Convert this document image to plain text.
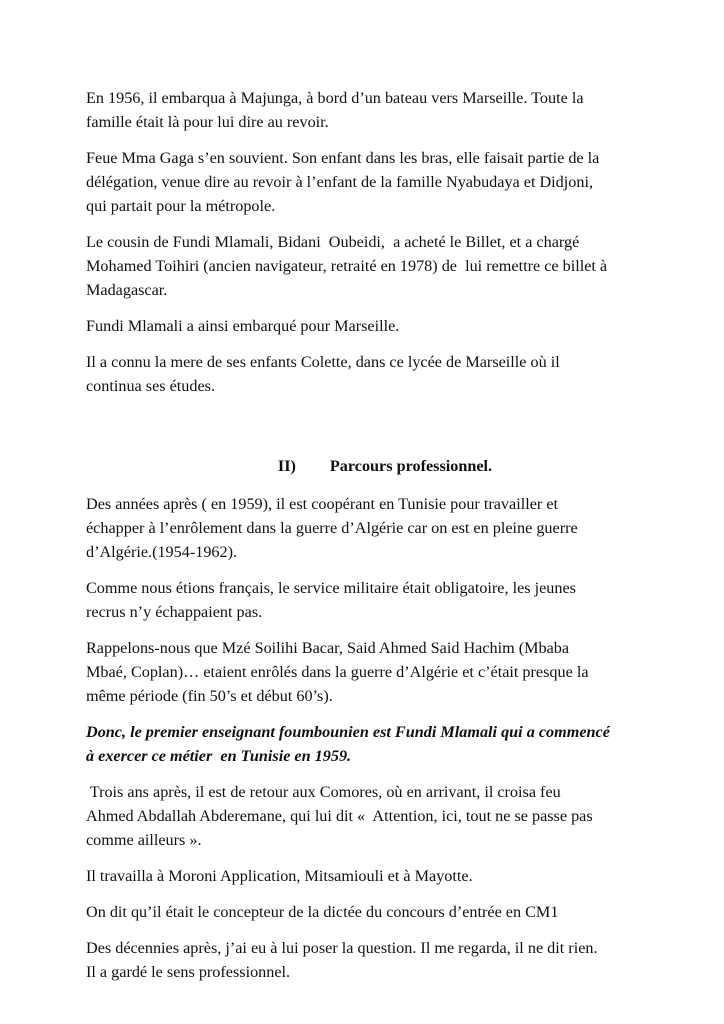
En 1956, il embarqua à Majunga, à bord d’un bateau vers Marseille. Toute la
famille était là pour lui dire au revoir.

Feue Mma Gaga s’en souvient. Son enfant dans les bras, elle faisait partie de la
délégation, venue dire au revoir à l’enfant de la famille Nyabudaya et Didjoni,
qui partait pour la métropole.

Le cousin de Fundi Mlamali, Bidani  Oubeidi,  a acheté le Billet, et a chargé
Mohamed Toihiri (ancien navigateur, retraité en 1978) de  lui remettre ce billet à
Madagascar.

Fundi Mlamali a ainsi embarqué pour Marseille.

Il a connu la mere de ses enfants Colette, dans ce lycée de Marseille où il
continua ses études.

II) Parcours professionnel.

Des années après ( en 1959), il est coopérant en Tunisie pour travailler et
échapper à l’enrôlement dans la guerre d’Algérie car on est en pleine guerre
d’Algérie.(1954-1962).

Comme nous étions français, le service militaire était obligatoire, les jeunes
recrus n’y échappaient pas.

Rappelons-nous que Mzé Soilihi Bacar, Said Ahmed Said Hachim (Mbaba
Mbaé, Coplan)… etaient enrôlés dans la guerre d’Algérie et c’était presque la
même période (fin 50’s et début 60’s).

Donc, le premier enseignant foumbounien est Fundi Mlamali qui a commencé
à exercer ce métier  en Tunisie en 1959.

Trois ans après, il est de retour aux Comores, où en arrivant, il croisa feu
Ahmed Abdallah Abderemane, qui lui dit «  Attention, ici, tout ne se passe pas
comme ailleurs ».

Il travailla à Moroni Application, Mitsamiouli et à Mayotte.

On dit qu’il était le concepteur de la dictée du concours d’entrée en CM1

Des décennies après, j’ai eu à lui poser la question. Il me regarda, il ne dit rien.
Il a gardé le sens professionnel.
